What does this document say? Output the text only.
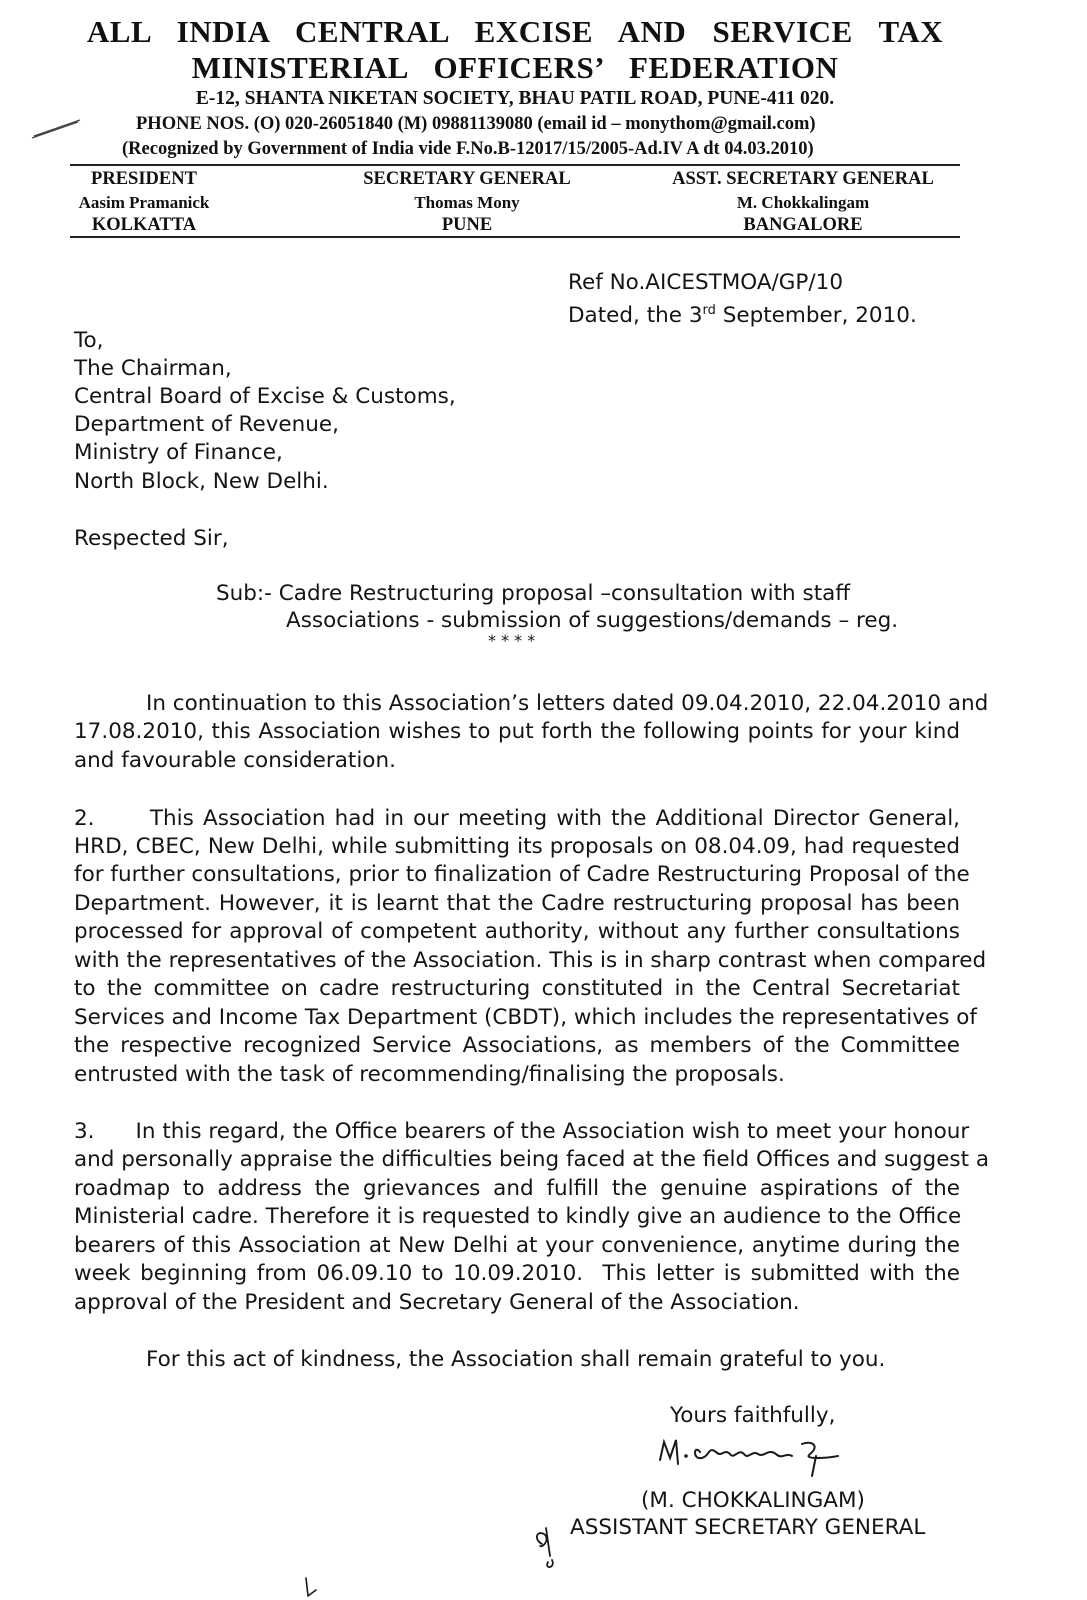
ALL INDIA CENTRAL EXCISE AND SERVICE TAX
MINISTERIAL OFFICERS’ FEDERATION
E-12, SHANTA NIKETAN SOCIETY, BHAU PATIL ROAD, PUNE-411 020.
PHONE NOS. (O) 020-26051840 (M) 09881139080 (email id – monythom@gmail.com)
(Recognized by Government of India vide F.No.B-12017/15/2005-Ad.IV A dt 04.03.2010)
PRESIDENT
Aasim Pramanick
KOLKATTA
SECRETARY GENERAL
Thomas Mony
PUNE
ASST. SECRETARY GENERAL
M. Chokkalingam
BANGALORE
Ref No.AICESTMOA/GP/10
Dated, the 3rd September, 2010.
To,
The Chairman,
Central Board of Excise & Customs,
Department of Revenue,
Ministry of Finance,
North Block, New Delhi.
Respected Sir,
Sub:- Cadre Restructuring proposal –consultation with staff
Associations - submission of suggestions/demands – reg.
* * * *
In continuation to this Association’s letters dated 09.04.2010, 22.04.2010 and
17.08.2010, this Association wishes to put forth the following points for your kind
and favourable consideration.
2.      This Association had in our meeting with the Additional Director General,
HRD, CBEC, New Delhi, while submitting its proposals on 08.04.09, had requested
for further consultations, prior to finalization of Cadre Restructuring Proposal of the
Department. However, it is learnt that the Cadre restructuring proposal has been
processed for approval of competent authority, without any further consultations
with the representatives of the Association. This is in sharp contrast when compared
to the committee on cadre restructuring constituted in the Central Secretariat
Services and Income Tax Department (CBDT), which includes the representatives of
the respective recognized Service Associations, as members of the Committee
entrusted with the task of recommending/finalising the proposals.
3.      In this regard, the Office bearers of the Association wish to meet your honour
and personally appraise the difficulties being faced at the field Offices and suggest a
roadmap to address the grievances and fulfill the genuine aspirations of the
Ministerial cadre. Therefore it is requested to kindly give an audience to the Office
bearers of this Association at New Delhi at your convenience, anytime during the
week beginning from 06.09.10 to 10.09.2010.  This letter is submitted with the
approval of the President and Secretary General of the Association.
For this act of kindness, the Association shall remain grateful to you.
Yours faithfully,
(M. CHOKKALINGAM)
ASSISTANT SECRETARY GENERAL
